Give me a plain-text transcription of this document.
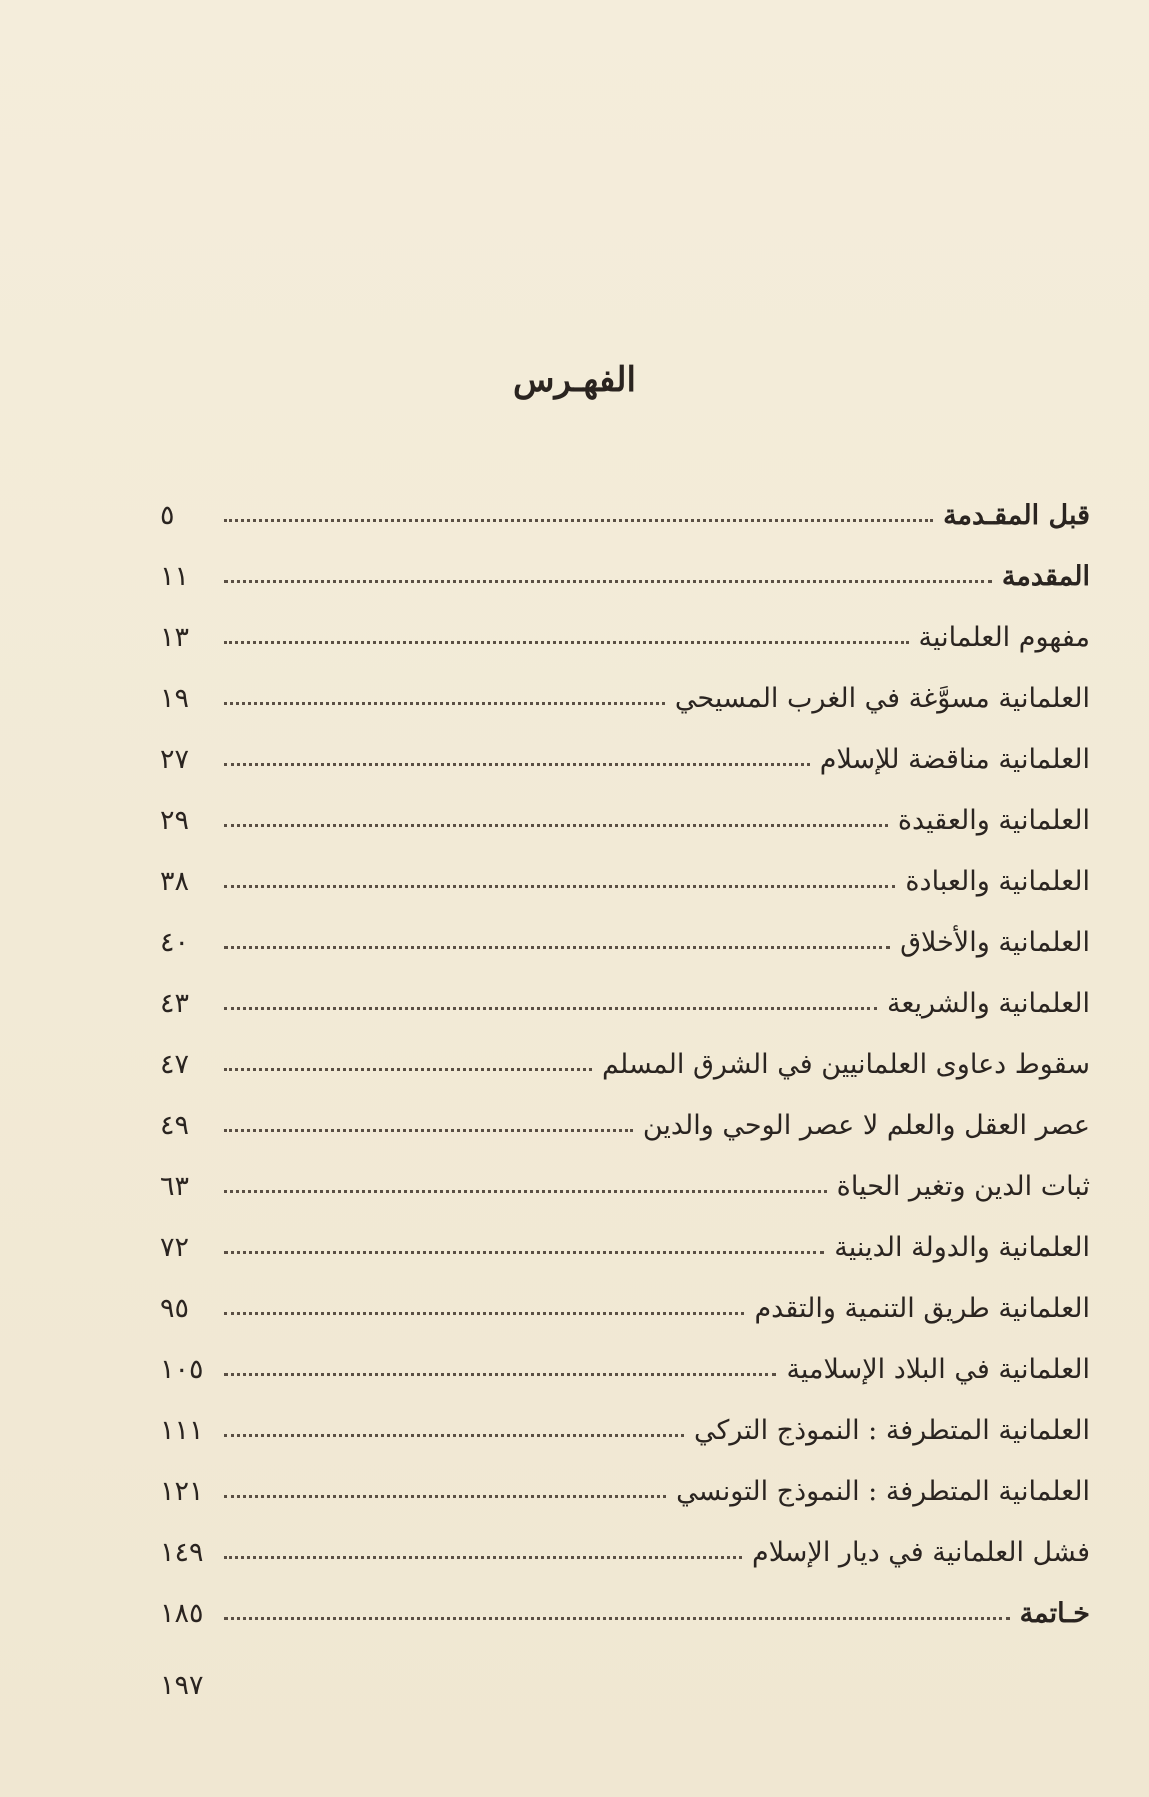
الفهـرس
قبل المقـدمة
٥
المقدمة
١١
مفهوم العلمانية
١٣
العلمانية مسوَّغة في الغرب المسيحي
١٩
العلمانية مناقضة للإسلام
٢٧
العلمانية والعقيدة
٢٩
العلمانية والعبادة
٣٨
العلمانية والأخلاق
٤٠
العلمانية والشريعة
٤٣
سقوط دعاوى العلمانيين في الشرق المسلم
٤٧
عصر العقل والعلم لا عصر الوحي والدين
٤٩
ثبات الدين وتغير الحياة
٦٣
العلمانية والدولة الدينية
٧٢
العلمانية طريق التنمية والتقدم
٩٥
العلمانية في البلاد الإسلامية
١٠٥
العلمانية المتطرفة : النموذج التركي
١١١
العلمانية المتطرفة : النموذج التونسي
١٢١
فشل العلمانية في ديار الإسلام
١٤٩
خـاتمة
١٨٥
١٩٧
